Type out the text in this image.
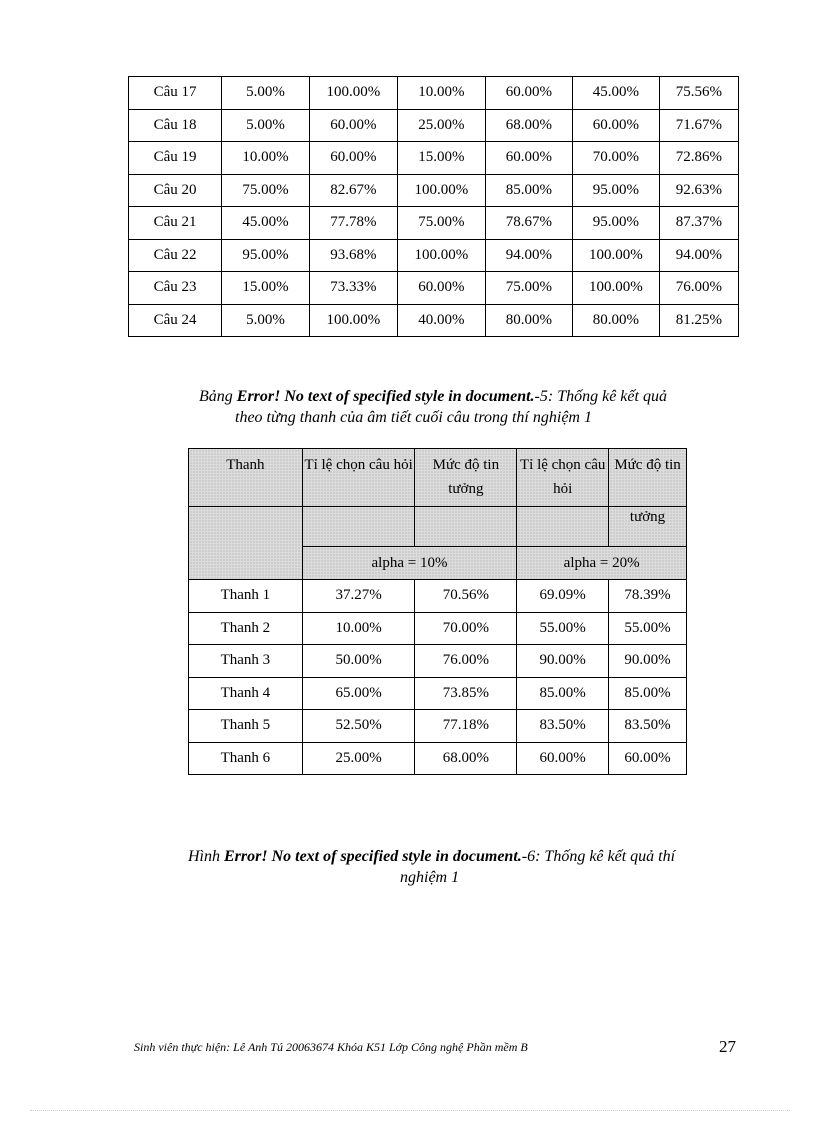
Câu 17	5.00%	100.00%	10.00%	60.00%	45.00%	75.56%
Câu 18	5.00%	60.00%	25.00%	68.00%	60.00%	71.67%
Câu 19	10.00%	60.00%	15.00%	60.00%	70.00%	72.86%
Câu 20	75.00%	82.67%	100.00%	85.00%	95.00%	92.63%
Câu 21	45.00%	77.78%	75.00%	78.67%	95.00%	87.37%
Câu 22	95.00%	93.68%	100.00%	94.00%	100.00%	94.00%
Câu 23	15.00%	73.33%	60.00%	75.00%	100.00%	76.00%
Câu 24	5.00%	100.00%	40.00%	80.00%	80.00%	81.25%
Bảng Error! No text of specified style in document.-5: Thống kê kết quả
theo từng thanh của âm tiết cuối câu trong thí nghiệm 1
Thanh	Tỉ lệ chọn câu hỏi	Mức độ tin tưởng	Tỉ lệ chọn câu hỏi	Mức độ tin
				tưởng
	alpha = 10%		alpha = 20%	
Thanh 1	37.27%	70.56%	69.09%	78.39%
Thanh 2	10.00%	70.00%	55.00%	55.00%
Thanh 3	50.00%	76.00%	90.00%	90.00%
Thanh 4	65.00%	73.85%	85.00%	85.00%
Thanh 5	52.50%	77.18%	83.50%	83.50%
Thanh 6	25.00%	68.00%	60.00%	60.00%
Hình Error! No text of specified style in document.-6: Thống kê kết quả thí
nghiệm 1
Sinh viên thực hiện: Lê Anh Tú 20063674 Khóa K51 Lớp Công nghệ Phần mềm B	27
